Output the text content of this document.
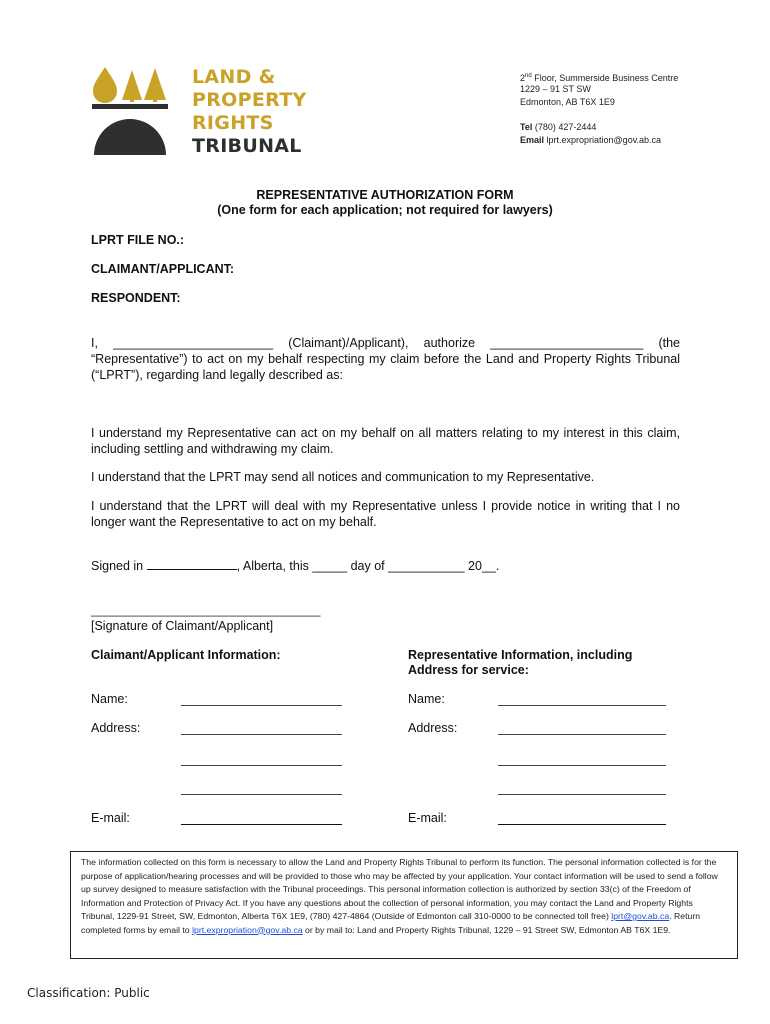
LAND &
PROPERTY
RIGHTS
TRIBUNAL
2nd Floor, Summerside Business Centre
1229 – 91 ST SW
Edmonton, AB T6X 1E9
Tel (780) 427-2444
Email lprt.expropriation@gov.ab.ca
REPRESENTATIVE AUTHORIZATION FORM
(One form for each application; not required for lawyers)
LPRT FILE NO.:
CLAIMANT/APPLICANT:
RESPONDENT:
I, _______________________ (Claimant)/Applicant), authorize ______________________ (the “Representative”) to act on my behalf respecting my claim before the Land and Property Rights Tribunal (“LPRT”), regarding land legally described as:
I understand my Representative can act on my behalf on all matters relating to my interest in this claim, including settling and withdrawing my claim.
I understand that the LPRT may send all notices and communication to my Representative.
I understand that the LPRT will deal with my Representative unless I provide notice in writing that I no longer want the Representative to act on my behalf.
Signed in	, Alberta, this _____ day of ___________ 20__.
_________________________________
[Signature of Claimant/Applicant]
Claimant/Applicant Information:	Representative Information, including
Address for service:
Name:
Address:
E-mail:
Name:
Address:
E-mail:
The information collected on this form is necessary to allow the Land and Property Rights Tribunal to perform its function. The personal information collected is for the purpose of application/hearing processes and will be provided to those who may be affected by your application. Your contact information will be used to send a follow up survey designed to measure satisfaction with the Tribunal proceedings. This personal information collection is authorized by section 33(c) of the Freedom of Information and Protection of Privacy Act. If you have any questions about the collection of personal information, you may contact the Land and Property Rights Tribunal, 1229-91 Street, SW, Edmonton, Alberta T6X 1E9, (780) 427-4864 (Outside of Edmonton call 310-0000 to be connected toll free) lprt@gov.ab.ca. Return completed forms by email to lprt.expropriation@gov.ab.ca or by mail to: Land and Property Rights Tribunal, 1229 – 91 Street SW, Edmonton AB T6X 1E9.
Classification: Public
